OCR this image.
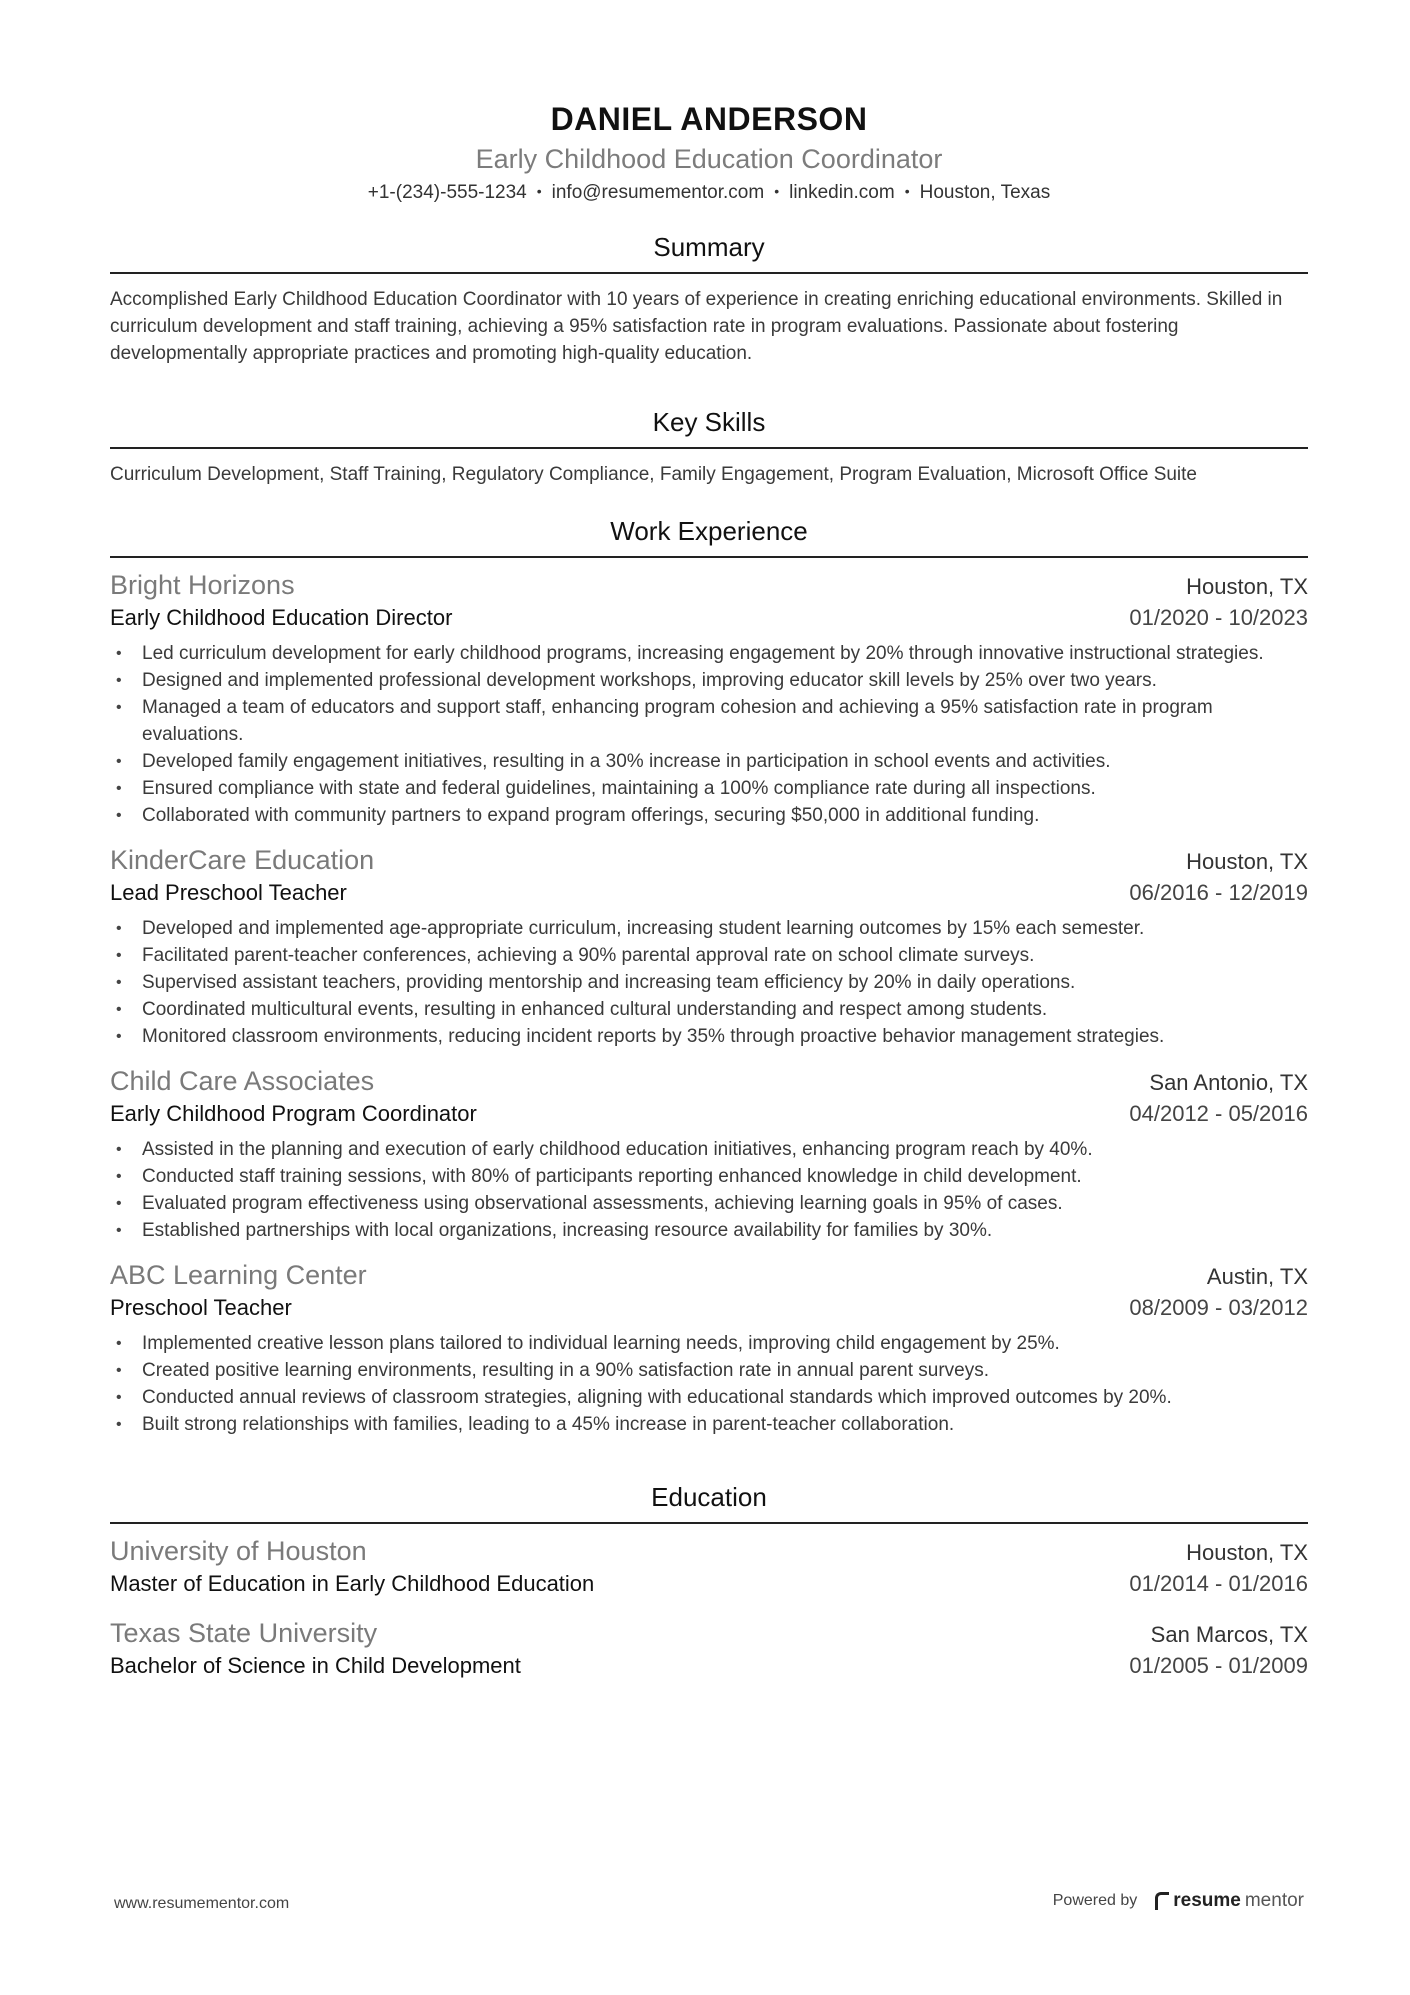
DANIEL ANDERSON
Early Childhood Education Coordinator
+1-(234)-555-1234 • info@resumementor.com • linkedin.com • Houston, Texas
Summary
Accomplished Early Childhood Education Coordinator with 10 years of experience in creating enriching educational environments. Skilled in curriculum development and staff training, achieving a 95% satisfaction rate in program evaluations. Passionate about fostering developmentally appropriate practices and promoting high-quality education.
Key Skills
Curriculum Development, Staff Training, Regulatory Compliance, Family Engagement, Program Evaluation, Microsoft Office Suite
Work Experience
Bright Horizons	Houston, TX
Early Childhood Education Director	01/2020 - 10/2023
• Led curriculum development for early childhood programs, increasing engagement by 20% through innovative instructional strategies.
• Designed and implemented professional development workshops, improving educator skill levels by 25% over two years.
• Managed a team of educators and support staff, enhancing program cohesion and achieving a 95% satisfaction rate in program evaluations.
• Developed family engagement initiatives, resulting in a 30% increase in participation in school events and activities.
• Ensured compliance with state and federal guidelines, maintaining a 100% compliance rate during all inspections.
• Collaborated with community partners to expand program offerings, securing $50,000 in additional funding.
KinderCare Education	Houston, TX
Lead Preschool Teacher	06/2016 - 12/2019
• Developed and implemented age-appropriate curriculum, increasing student learning outcomes by 15% each semester.
• Facilitated parent-teacher conferences, achieving a 90% parental approval rate on school climate surveys.
• Supervised assistant teachers, providing mentorship and increasing team efficiency by 20% in daily operations.
• Coordinated multicultural events, resulting in enhanced cultural understanding and respect among students.
• Monitored classroom environments, reducing incident reports by 35% through proactive behavior management strategies.
Child Care Associates	San Antonio, TX
Early Childhood Program Coordinator	04/2012 - 05/2016
• Assisted in the planning and execution of early childhood education initiatives, enhancing program reach by 40%.
• Conducted staff training sessions, with 80% of participants reporting enhanced knowledge in child development.
• Evaluated program effectiveness using observational assessments, achieving learning goals in 95% of cases.
• Established partnerships with local organizations, increasing resource availability for families by 30%.
ABC Learning Center	Austin, TX
Preschool Teacher	08/2009 - 03/2012
• Implemented creative lesson plans tailored to individual learning needs, improving child engagement by 25%.
• Created positive learning environments, resulting in a 90% satisfaction rate in annual parent surveys.
• Conducted annual reviews of classroom strategies, aligning with educational standards which improved outcomes by 20%.
• Built strong relationships with families, leading to a 45% increase in parent-teacher collaboration.
Education
University of Houston	Houston, TX
Master of Education in Early Childhood Education	01/2014 - 01/2016
Texas State University	San Marcos, TX
Bachelor of Science in Child Development	01/2005 - 01/2009
www.resumementor.com	Powered by resume mentor
